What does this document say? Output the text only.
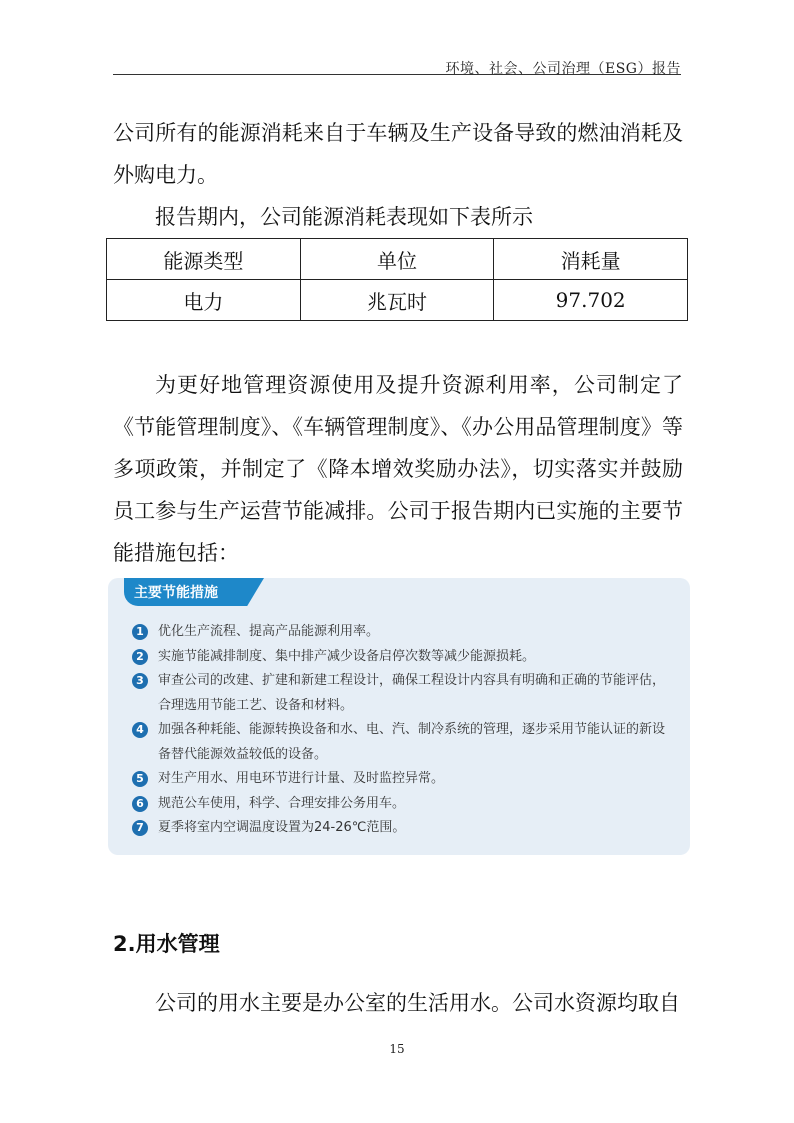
环境、社会、公司治理（ESG）报告

公司所有的能源消耗来自于车辆及生产设备导致的燃油消耗及外购电力。

报告期内，公司能源消耗表现如下表所示
能源类型	单位	消耗量
电力	兆瓦时	97.702

为更好地管理资源使用及提升资源利用率，公司制定了《节能管理制度》、《车辆管理制度》、《办公用品管理制度》等多项政策，并制定了《降本增效奖励办法》，切实落实并鼓励员工参与生产运营节能减排。公司于报告期内已实施的主要节能措施包括：

主要节能措施
1	优化生产流程、提高产品能源利用率。
2	实施节能减排制度、集中排产减少设备启停次数等减少能源损耗。
3	审查公司的改建、扩建和新建工程设计，确保工程设计内容具有明确和正确的节能评估，合理选用节能工艺、设备和材料。
4	加强各种耗能、能源转换设备和水、电、汽、制冷系统的管理，逐步采用节能认证的新设备替代能源效益较低的设备。
5	对生产用水、用电环节进行计量、及时监控异常。
6	规范公车使用，科学、合理安排公务用车。
7	夏季将室内空调温度设置为24-26℃范围。
2.用水管理

公司的用水主要是办公室的生活用水。公司水资源均取自

15
